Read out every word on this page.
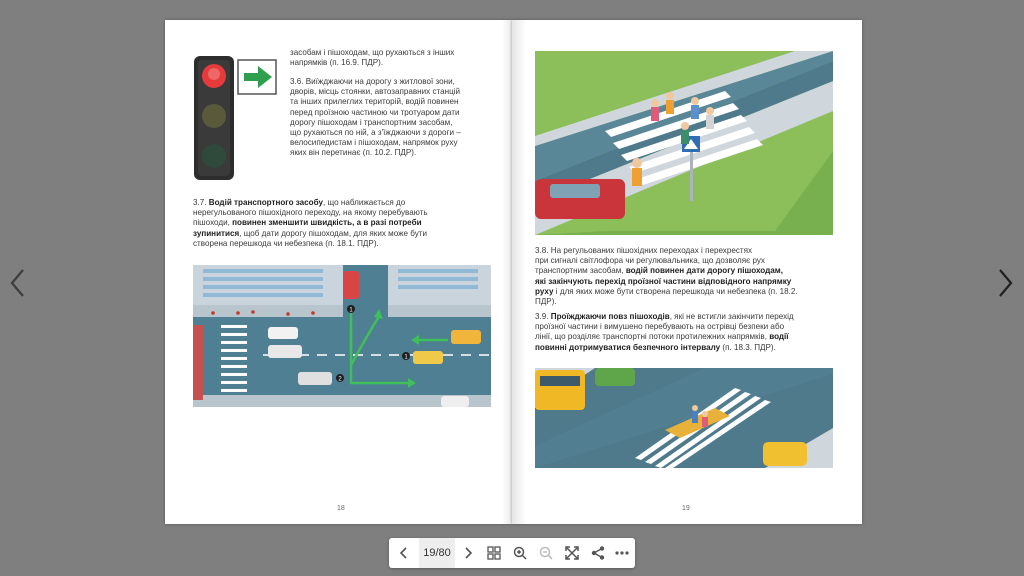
засобам і пішоходам, що рухаються з інших
напрямків (п. 16.9. ПДР).
3.6. Виїжджаючи на дорогу з житлової зони,
дворів, місць стоянки, автозаправних станцій
та інших прилеглих територій, водій повинен
перед проїзною частиною чи тротуаром дати
дорогу пішоходам і транспортним засобам,
що рухаються по ній, а з'їжджаючи з дороги –
велосипедистам і пішоходам, напрямок руху
яких він перетинає (п. 10.2. ПДР).
3.7. Водій транспортного засобу, що наближається до
нерегульованого пішохідного переходу, на якому перебувають
пішоходи, повинен зменшити швидкість, а в разі потреби
зупинитися, щоб дати дорогу пішоходам, для яких може бути
створена перешкода чи небезпека (п. 18.1. ПДР).
1
2
1
18
3.8. На регульованих пішохідних переходах і перехрестях
при сигналі світлофора чи регулювальника, що дозволяє рух
транспортним засобам, водій повинен дати дорогу пішоходам,
які закінчують перехід проїзної частини відповідного напрямку
руху і для яких може бути створена перешкода чи небезпека (п. 18.2.
ПДР).
3.9. Проїжджаючи повз пішоходів, які не встигли закінчити перехід
проїзної частини і вимушено перебувають на острівці безпеки або
лінії, що розділяє транспортні потоки протилежних напрямків, водії
повинні дотримуватися безпечного інтервалу (п. 18.3. ПДР).
19
19/80
